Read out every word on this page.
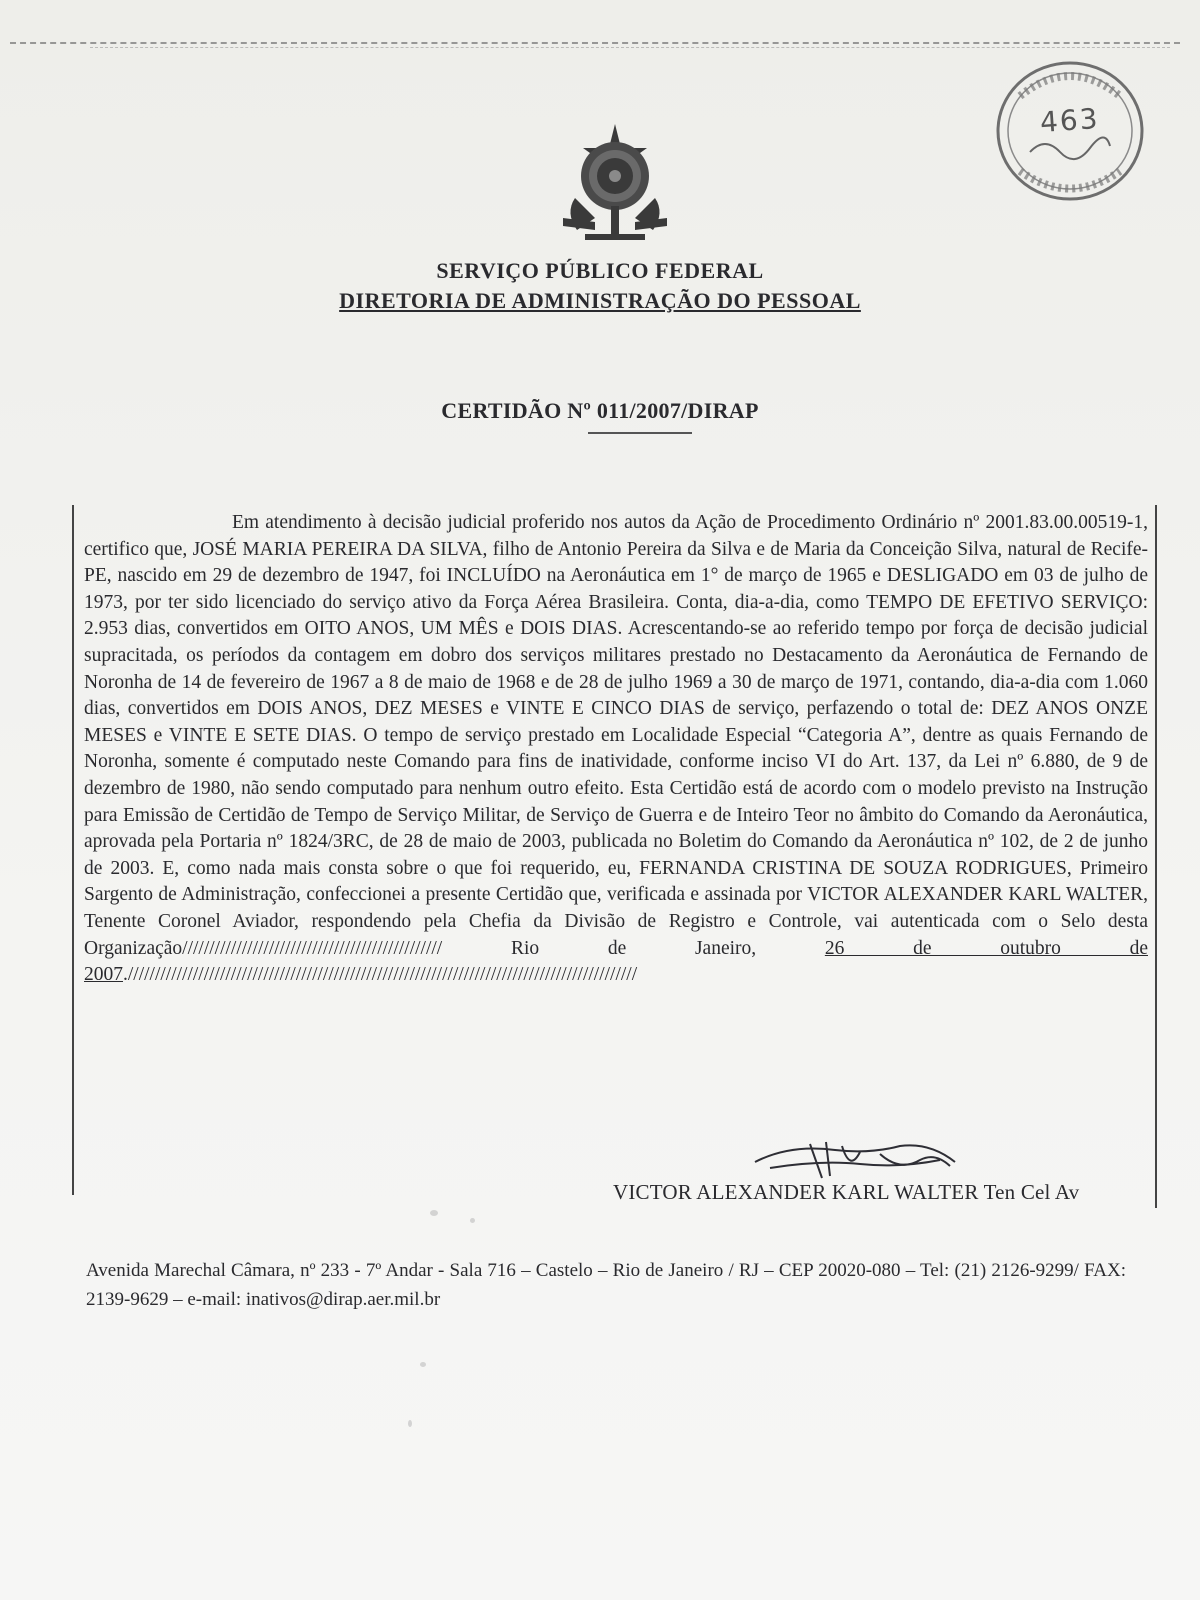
463
SERVIÇO PÚBLICO FEDERAL
DIRETORIA DE ADMINISTRAÇÃO DO PESSOAL
CERTIDÃO Nº 011/2007/DIRAP
Em atendimento à decisão judicial proferido nos autos da Ação de Procedimento Ordinário nº 2001.83.00.00519-1, certifico que, JOSÉ MARIA PEREIRA DA SILVA, filho de Antonio Pereira da Silva e de Maria da Conceição Silva, natural de Recife-PE, nascido em 29 de dezembro de 1947, foi INCLUÍDO na Aeronáutica em 1° de março de 1965 e DESLIGADO em 03 de julho de 1973, por ter sido licenciado do serviço ativo da Força Aérea Brasileira. Conta, dia-a-dia, como TEMPO DE EFETIVO SERVIÇO: 2.953 dias, convertidos em OITO ANOS, UM MÊS e DOIS DIAS. Acrescentando-se ao referido tempo por força de decisão judicial supracitada, os períodos da contagem em dobro dos serviços militares prestado no Destacamento da Aeronáutica de Fernando de Noronha de 14 de fevereiro de 1967 a 8 de maio de 1968 e de 28 de julho 1969 a 30 de março de 1971, contando, dia-a-dia com 1.060 dias, convertidos em DOIS ANOS, DEZ MESES e VINTE E CINCO DIAS de serviço, perfazendo o total de: DEZ ANOS ONZE MESES e VINTE E SETE DIAS. O tempo de serviço prestado em Localidade Especial “Categoria A”, dentre as quais Fernando de Noronha, somente é computado neste Comando para fins de inatividade, conforme inciso VI do Art. 137, da Lei nº 6.880, de 9 de dezembro de 1980, não sendo computado para nenhum outro efeito. Esta Certidão está de acordo com o modelo previsto na Instrução para Emissão de Certidão de Tempo de Serviço Militar, de Serviço de Guerra e de Inteiro Teor no âmbito do Comando da Aeronáutica, aprovada pela Portaria nº 1824/3RC, de 28 de maio de 2003, publicada no Boletim do Comando da Aeronáutica nº 102, de 2 de junho de 2003. E, como nada mais consta sobre o que foi requerido, eu, FERNANDA CRISTINA DE SOUZA RODRIGUES, Primeiro Sargento de Administração, confeccionei a presente Certidão que, verificada e assinada por VICTOR ALEXANDER KARL WALTER, Tenente Coronel Aviador, respondendo pela Chefia da Divisão de Registro e Controle, vai autenticada com o Selo desta Organização////////////////////////////////////////////////	Rio de Janeiro,	26 de outubro de 2007.//////////////////////////////////////////////////////////////////////////////////////////////
VICTOR ALEXANDER KARL WALTER Ten Cel Av
Avenida Marechal Câmara, nº 233 - 7º Andar - Sala 716 – Castelo – Rio de Janeiro / RJ – CEP 20020-080 – Tel: (21) 2126-9299/ FAX: 2139-9629 – e-mail: inativos@dirap.aer.mil.br
